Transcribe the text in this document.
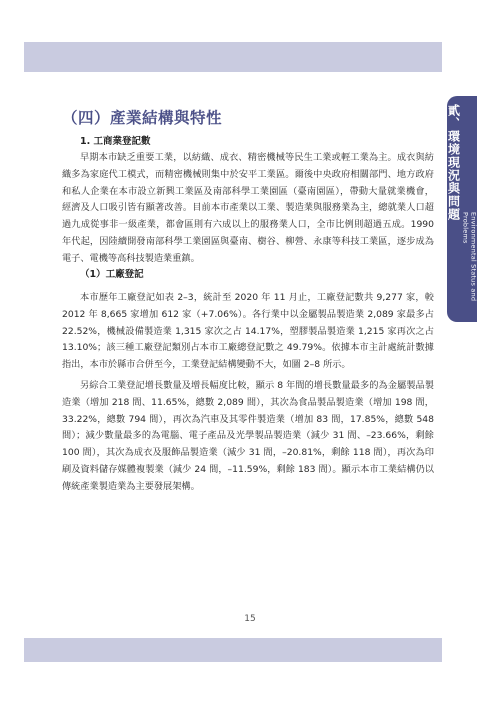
貳、環境現況與問題
Environmental Status and Problems
（四）產業結構與特性
1. 工商業登記數

早期本市缺乏重要工業，以紡織、成衣、精密機械等民生工業或輕工業為主。成衣與紡織多為家庭代工模式，而精密機械則集中於安平工業區。爾後中央政府相關部門、地方政府和私人企業在本市設立新興工業區及南部科學工業園區（臺南園區），帶動大量就業機會，經濟及人口吸引皆有顯著改善。目前本市產業以工業、製造業與服務業為主，總就業人口超過九成從事非一級產業，都會區則有六成以上的服務業人口，全市比例則超過五成。1990 年代起，因陸續開發南部科學工業園區與臺南、樹谷、柳營、永康等科技工業區，逐步成為電子、電機等高科技製造業重鎮。

（1）工廠登記

本市歷年工廠登記如表 2–3，統計至 2020 年 11 月止，工廠登記數共 9,277 家，較 2012 年 8,665 家增加 612 家（+7.06%）。各行業中以金屬製品製造業 2,089 家最多占 22.52%，機械設備製造業 1,315 家次之占 14.17%，塑膠製品製造業 1,215 家再次之占 13.10%；該三種工廠登記類別占本市工廠總登記數之 49.79%。依據本市主計處統計數據指出，本市於縣市合併至今，工業登記結構變動不大，如圖 2–8 所示。

另綜合工業登記增長數量及增長幅度比較，顯示 8 年間的增長數量最多的為金屬製品製造業（增加 218 間、11.65%，總數 2,089 間），其次為食品製品製造業（增加 198 間，33.22%，總數 794 間），再次為汽車及其零件製造業（增加 83 間，17.85%，總數 548 間）；減少數量最多的為電腦、電子產品及光學製品製造業（減少 31 間、–23.66%，剩餘 100 間），其次為成衣及服飾品製造業（減少 31 間，–20.81%，剩餘 118 間），再次為印刷及資料儲存媒體複製業（減少 24 間，–11.59%，剩餘 183 間）。顯示本市工業結構仍以傳統產業製造業為主要發展架構。

15
